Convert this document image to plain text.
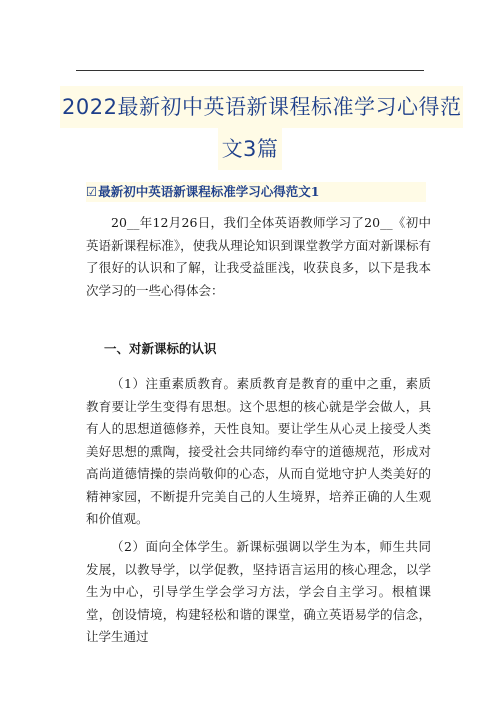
2022最新初中英语新课程标准学习心得范
文3篇
☑最新初中英语新课程标准学习心得范文1

20__年12月26日，我们全体英语教师学习了20__《初中英语新课程标准》，使我从理论知识到课堂教学方面对新课标有了很好的认识和了解，让我受益匪浅，收获良多，以下是我本次学习的一些心得体会：

一、对新课标的认识

（1）注重素质教育。素质教育是教育的重中之重，素质教育要让学生变得有思想。这个思想的核心就是学会做人，具有人的思想道德修养，天性良知。要让学生从心灵上接受人类美好思想的熏陶，接受社会共同缔约奉守的道德规范，形成对高尚道德情操的崇尚敬仰的心态，从而自觉地守护人类美好的精神家园，不断提升完美自己的人生境界，培养正确的人生观和价值观。

（2）面向全体学生。新课标强调以学生为本，师生共同发展，以教导学，以学促教，坚持语言运用的核心理念，以学生为中心，引导学生学会学习方法，学会自主学习。根植课堂，创设情境，构建轻松和谐的课堂，确立英语易学的信念，让学生通过
